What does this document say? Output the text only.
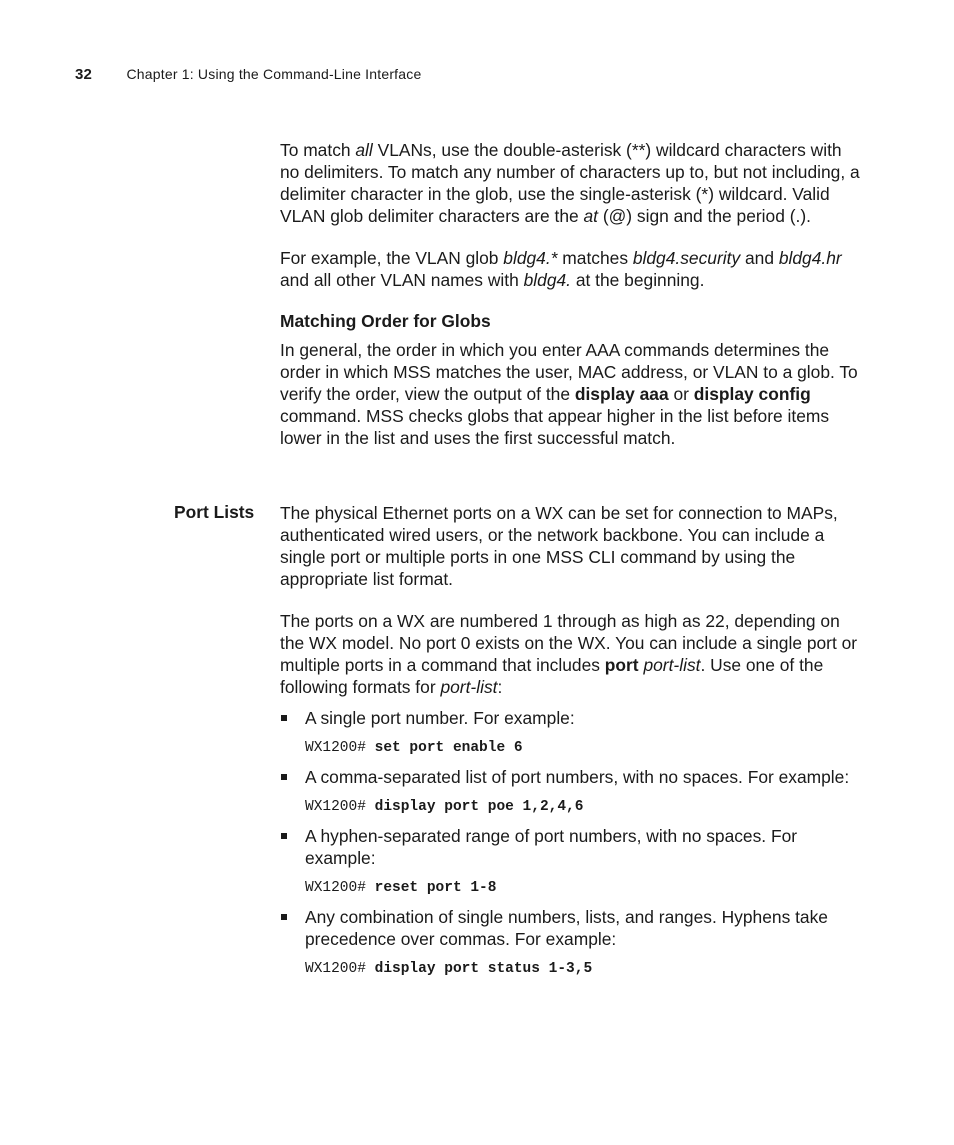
32 Chapter 1: Using the Command-Line Interface

To match all VLANs, use the double-asterisk (**) wildcard characters with no delimiters. To match any number of characters up to, but not including, a delimiter character in the glob, use the single-asterisk (*) wildcard. Valid VLAN glob delimiter characters are the at (@) sign and the period (.).

For example, the VLAN glob bldg4.* matches bldg4.security and bldg4.hr and all other VLAN names with bldg4. at the beginning.

Matching Order for Globs

In general, the order in which you enter AAA commands determines the order in which MSS matches the user, MAC address, or VLAN to a glob. To verify the order, view the output of the display aaa or display config command. MSS checks globs that appear higher in the list before items lower in the list and uses the first successful match.

Port Lists The physical Ethernet ports on a WX can be set for connection to MAPs, authenticated wired users, or the network backbone. You can include a single port or multiple ports in one MSS CLI command by using the appropriate list format.

The ports on a WX are numbered 1 through as high as 22, depending on the WX model. No port 0 exists on the WX. You can include a single port or multiple ports in a command that includes port port-list. Use one of the following formats for port-list:

A single port number. For example:
WX1200# set port enable 6
A comma-separated list of port numbers, with no spaces. For example:
WX1200# display port poe 1,2,4,6
A hyphen-separated range of port numbers, with no spaces. For example:
WX1200# reset port 1-8
Any combination of single numbers, lists, and ranges. Hyphens take precedence over commas. For example:
WX1200# display port status 1-3,5
